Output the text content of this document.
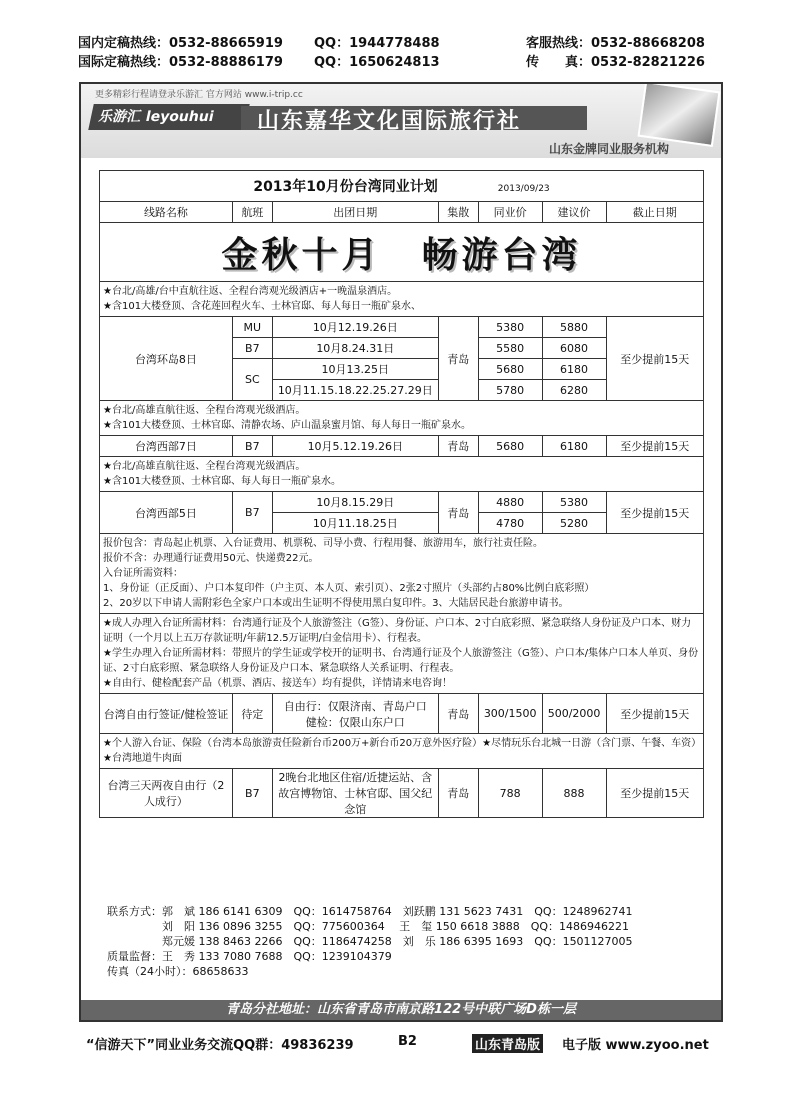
国内定稿热线：0532-88665919 QQ：1944778488	客服热线：0532-88668208
国际定稿热线：0532-88886179 QQ：1650624813	传　　真：0532-82821226
更多精彩行程请登录乐游汇 官方网站 www.i-trip.cc
乐游汇 leyouhui	山东嘉华文化国际旅行社
山东金牌同业服务机构
2013年10月份台湾同业计划 2013/09/23						
线路名称	航班	出团日期	集散	同业价	建议价	截止日期
金秋十月　畅游台湾						

★台北/高雄/台中直航往返、全程台湾观光级酒店+一晚温泉酒店。
★含101大楼登顶、含花莲回程火车、士林官邸、每人每日一瓶矿泉水、						

台湾环岛8日	MU	10月12.19.26日	青岛	5380	5880	至少提前15天
	B7	10月8.24.31日		5580	6080	
	SC	10月13.25日		5680	6180	
		10月11.15.18.22.25.27.29日		5780	6280	

★台北/高雄直航往返、全程台湾观光级酒店。
★含101大楼登顶、士林官邸、清静农场、庐山温泉蜜月馆、每人每日一瓶矿泉水。						

台湾西部7日	B7	10月5.12.19.26日	青岛	5680	6180	至少提前15天

★台北/高雄直航往返、全程台湾观光级酒店。
★含101大楼登顶、士林官邸、每人每日一瓶矿泉水。						

台湾西部5日	B7	10月8.15.29日	青岛	4880	5380	至少提前15天
		10月11.18.25日		4780	5280	

报价包含：青岛起止机票、入台证费用、机票税、司导小费、行程用餐、旅游用车，旅行社责任险。
报价不含：办理通行证费用50元、快递费22元。
入台证所需资料：
1、身份证（正反面）、户口本复印件（户主页、本人页、索引页）、2张2寸照片（头部约占80%比例白底彩照）
2、20岁以下申请人需附彩色全家户口本或出生证明不得使用黑白复印件。3、大陆居民赴台旅游申请书。						

★成人办理入台证所需材料：台湾通行证及个人旅游签注（G签）、身份证、户口本、2寸白底彩照、紧急联络人身份证及户口本、财力证明（一个月以上五万存款证明/年薪12.5万证明/白金信用卡）、行程表。
★学生办理入台证所需材料：带照片的学生证或学校开的证明书、台湾通行证及个人旅游签注（G签）、户口本/集体户口本人单页、身份证、2寸白底彩照、紧急联络人身份证及户口本、紧急联络人关系证明、行程表。
★自由行、健检配套产品（机票、酒店、接送车）均有提供，详情请来电咨询！						

台湾自由行签证/健检签证	待定	自由行：仅限济南、青岛户口　健检：仅限山东户口	青岛	300/1500	500/2000	至少提前15天
★个人游入台证、保险（台湾本岛旅游责任险新台币200万+新台币20万意外医疗险）★尽情玩乐台北城一日游（含门票、午餐、车资）★台湾地道牛肉面						
台湾三天两夜自由行（2人成行）	B7	2晚台北地区住宿/近捷运站、含故宫博物馆、士林官邸、国父纪念馆	青岛	788	888	至少提前15天

联系方式：郭　斌 186 6141 6309　QQ：1614758764　刘跃鹏 131 5623 7431　QQ：1248962741
　　　　　刘　阳 136 0896 3255　QQ：775600364　 王　玺 150 6618 3888　QQ：1486946221
　　　　　郑元媛 138 8463 2266　QQ：1186474258　刘　乐 186 6395 1693　QQ：1501127005
质量监督：王　秀 133 7080 7688　QQ：1239104379
传真（24小时）：68658633

青岛分社地址：山东省青岛市南京路122号中联广场D栋一层
“信游天下”同业业务交流QQ群：49836239	B2	山东青岛版 电子版 www.zyoo.net
